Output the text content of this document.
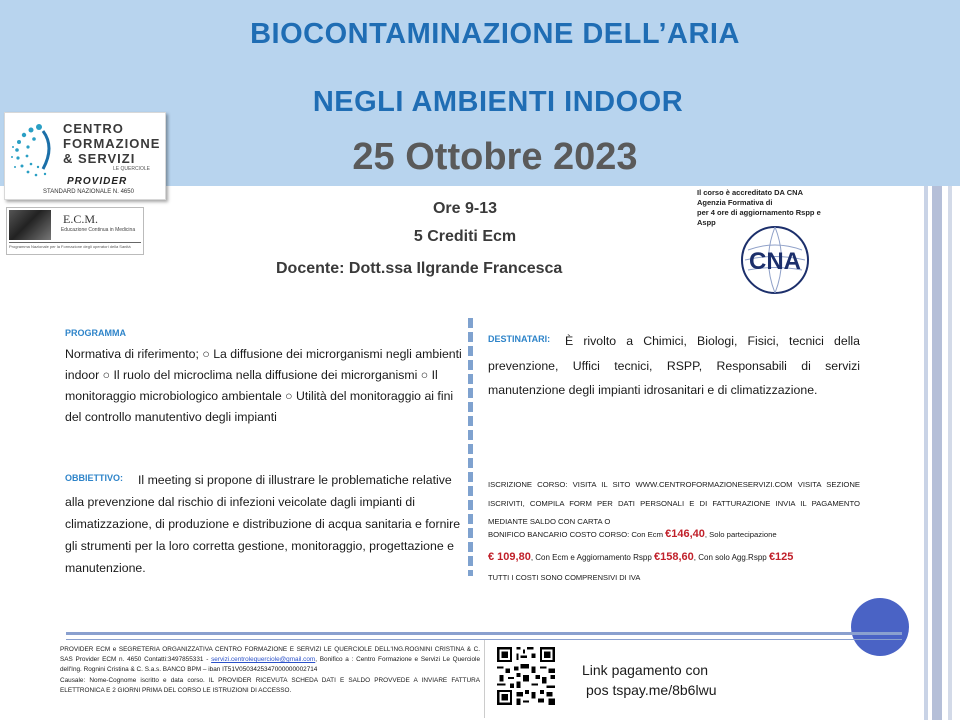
BIOCONTAMINAZIONE DELL’ARIA
NEGLI AMBIENTI INDOOR
25 Ottobre 2023
CENTRO
FORMAZIONE
& SERVIZI
LE QUERCIOLE
PROVIDER
STANDARD NAZIONALE N. 4650
E.C.M.
Educazione Continua in Medicina
Programma Nazionale per la Formazione degli operatori della Sanità
CNA
Ore 9-13
5 Crediti Ecm
Docente: Dott.ssa Ilgrande Francesca
Il corso è accreditato DA CNA
Agenzia Formativa di
per 4 ore di aggiornamento Rspp e
Aspp
PROGRAMMA
Normativa di riferimento; ○ La diffusione dei microrganismi negli ambienti indoor ○ Il ruolo del microclima nella diffusione dei microrganismi ○ Il monitoraggio microbiologico ambientale ○ Utilità del monitoraggio ai fini del controllo manutentivo degli impianti
OBBIETTIVO:	Il meeting si propone di illustrare le problematiche relative alla prevenzione dal rischio di infezioni veicolate dagli impianti di climatizzazione, di produzione e distribuzione di acqua sanitaria e fornire gli strumenti per la loro corretta gestione, monitoraggio, progettazione e manutenzione.
DESTINATARI:	È rivolto a Chimici, Biologi, Fisici, tecnici della prevenzione, Uffici tecnici, RSPP, Responsabili di servizi manutenzione degli impianti idrosanitari e di climatizzazione.
ISCRIZIONE CORSO: VISITA IL SITO WWW.CENTROFORMAZIONESERVIZI.COM VISITA SEZIONE ISCRIVITI, COMPILA FORM PER DATI PERSONALI E DI FATTURAZIONE INVIA IL PAGAMENTO MEDIANTE SALDO CON CARTA O
BONIFICO BANCARIO COSTO CORSO: Con Ecm €146,40, Solo partecipazione
€ 109,80, Con Ecm e Aggiornamento Rspp €158,60, Con solo Agg.Rspp €125
TUTTI I COSTI SONO COMPRENSIVI DI IVA
PROVIDER ECM e SEGRETERIA ORGANIZZATIVA CENTRO FORMAZIONE E SERVIZI LE QUERCIOLE DELL'ING.ROGNINI CRISTINA & C. SAS Provider ECM n. 4650 Contatti:3497855331 - servizi.centrolequerciole@gmail.com, Bonifico a : Centro Formazione e Servizi Le Querciole dell'Ing. Rognini Cristina & C. S.a.s. BANCO BPM – iban IT51V0503425347000000002714
Causale: Nome-Cognome iscritto e data corso. IL PROVIDER RICEVUTA SCHEDA DATI E SALDO PROVVEDE A INVIARE FATTURA ELETTRONICA E 2 GIORNI PRIMA DEL CORSO LE ISTRUZIONI DI ACCESSO.
Link pagamento con
pos tspay.me/8b6lwu
